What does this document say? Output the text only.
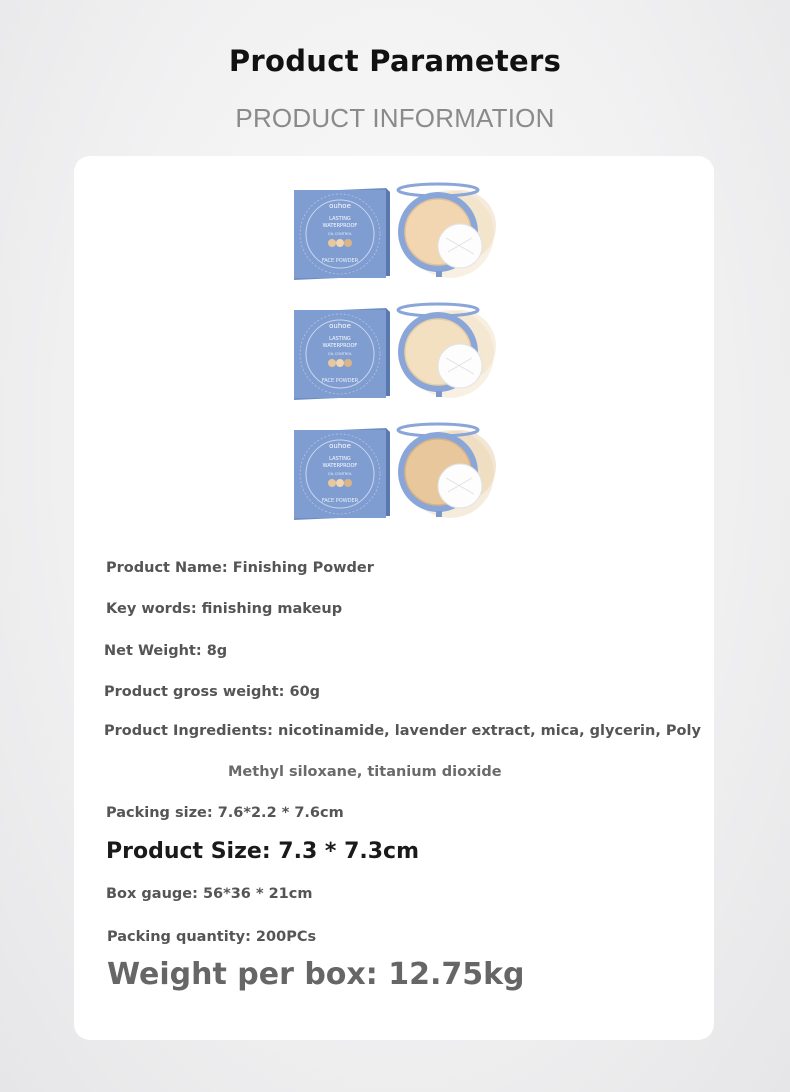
Product Parameters
PRODUCT INFORMATION
ouhoe
LASTING
WATERPROOF
OIL CONTROL
FACE POWDER
ouhoe
LASTING
WATERPROOF
OIL CONTROL
FACE POWDER
ouhoe
LASTING
WATERPROOF
OIL CONTROL
FACE POWDER
Product Name: Finishing Powder
Key words: finishing makeup
Net Weight: 8g
Product gross weight: 60g
Product Ingredients: nicotinamide, lavender extract, mica, glycerin, Poly
Methyl siloxane, titanium dioxide
Packing size: 7.6*2.2 * 7.6cm
Product Size: 7.3 * 7.3cm
Box gauge: 56*36 * 21cm
Packing quantity: 200PCs
Weight per box: 12.75kg
